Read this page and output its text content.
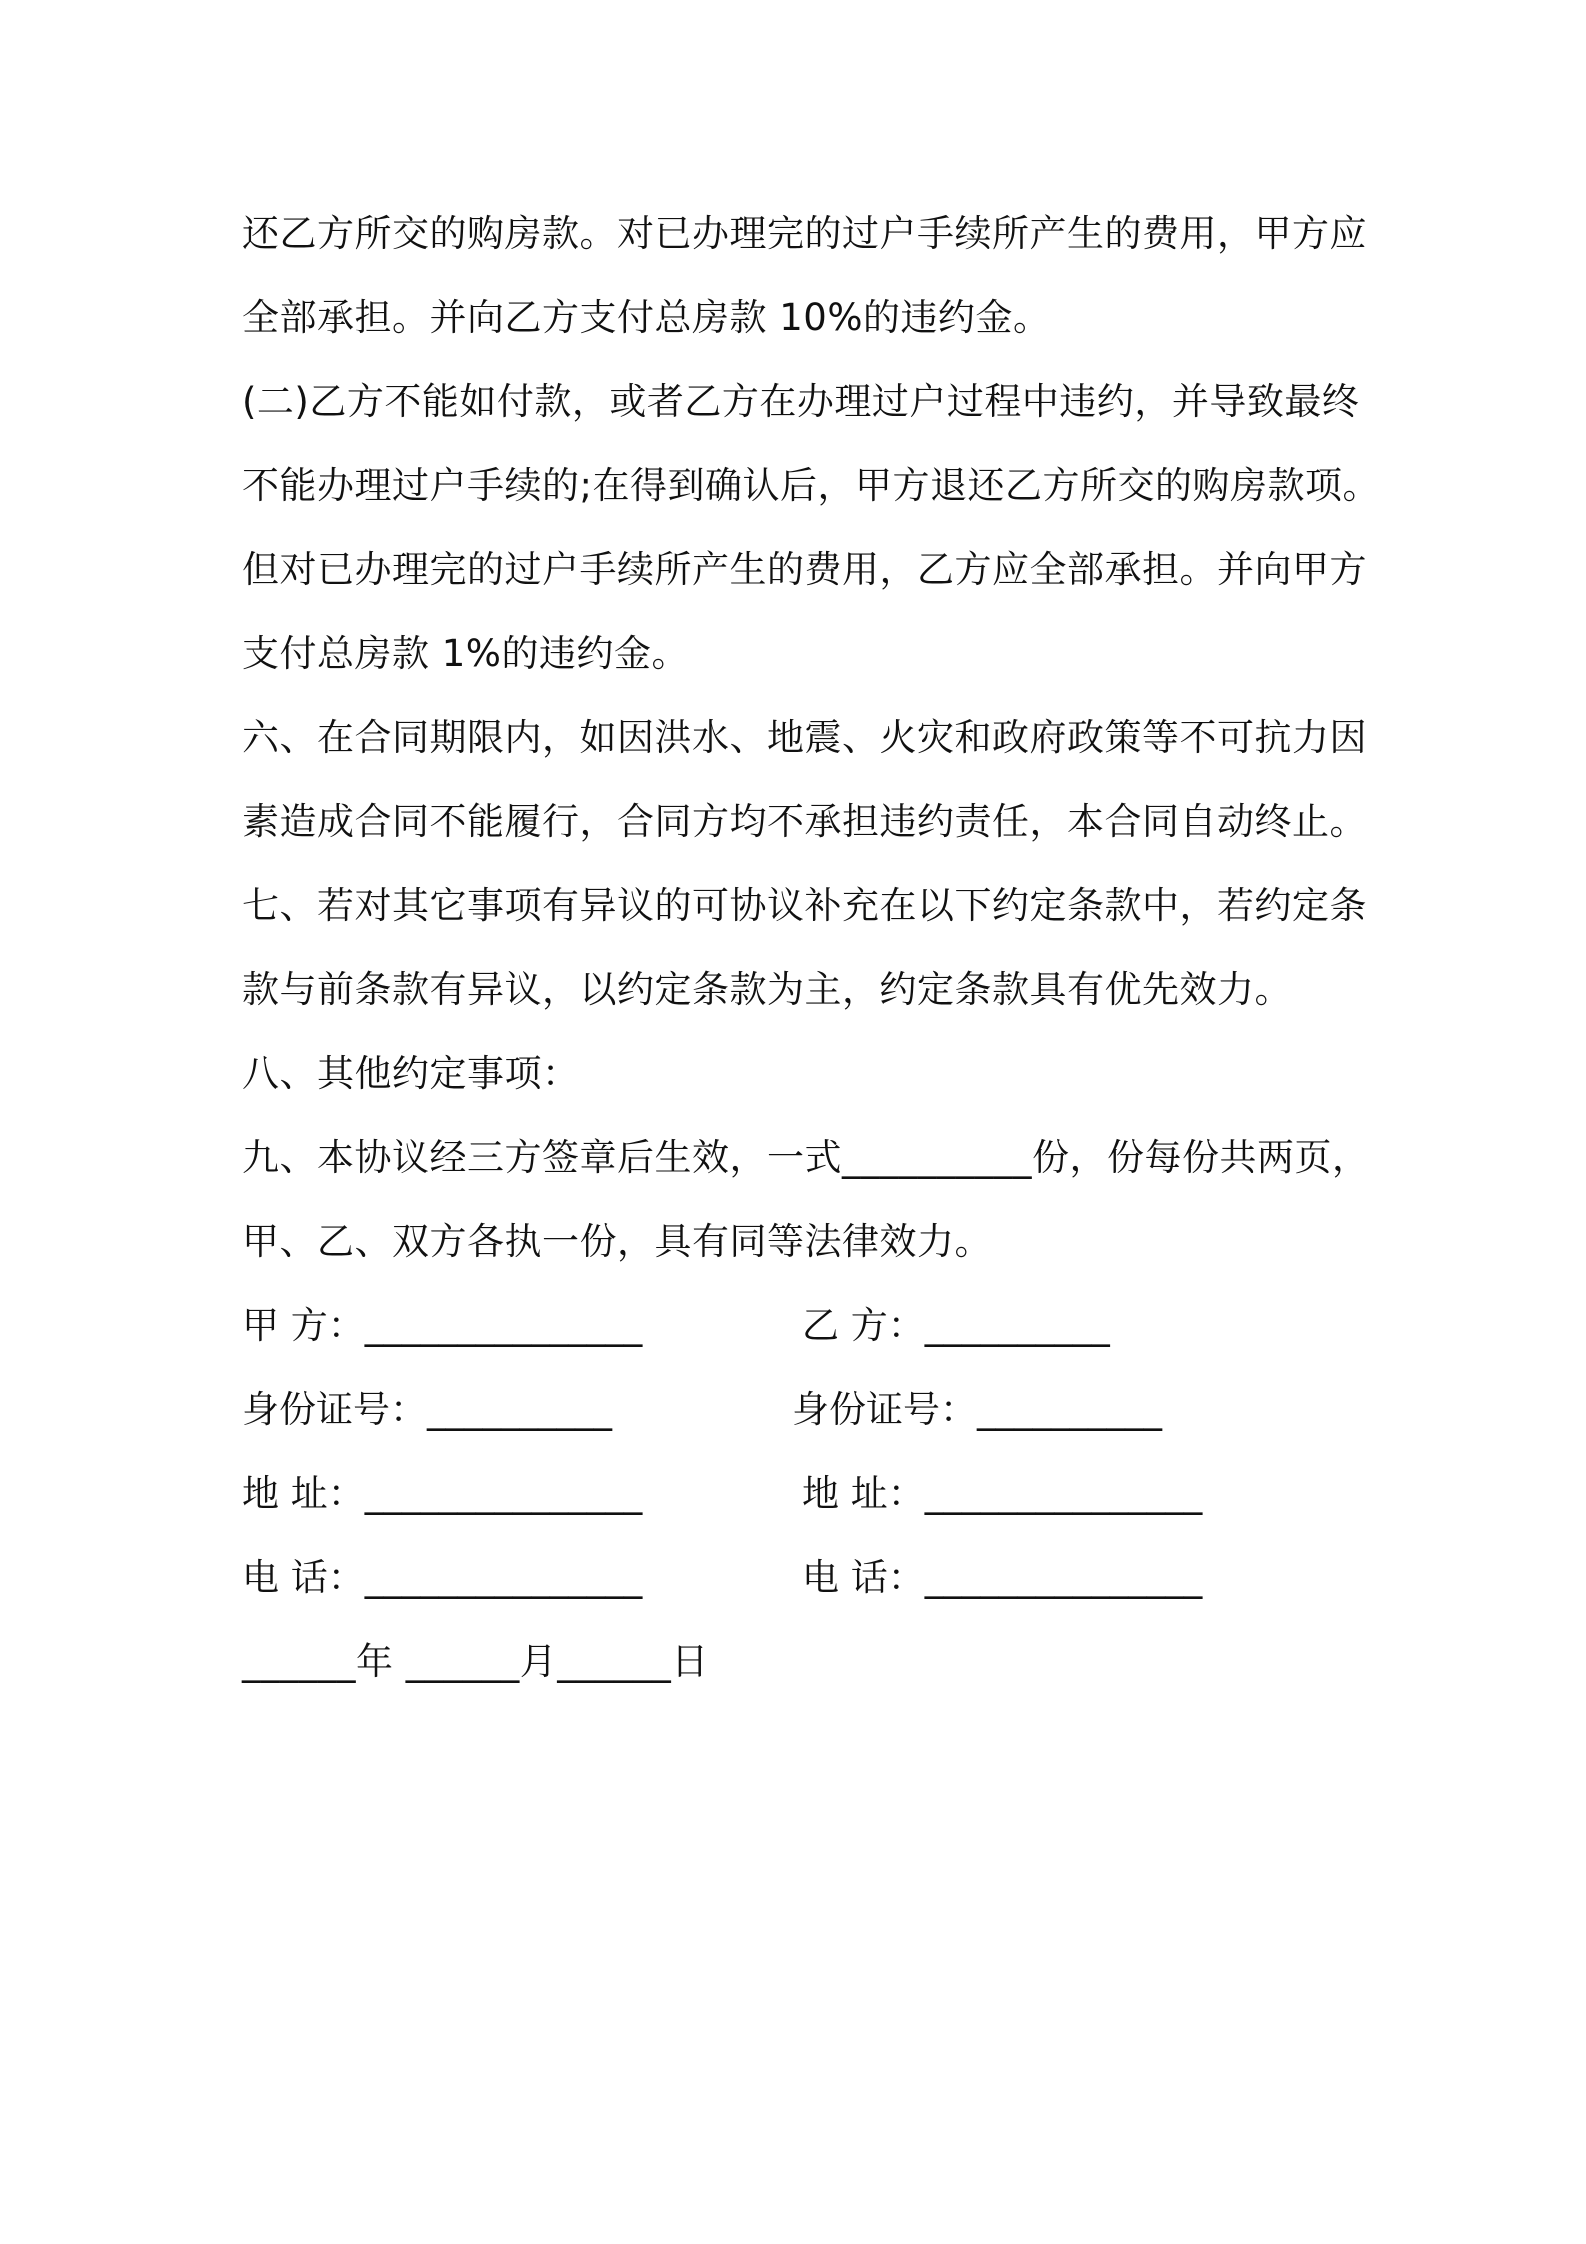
还乙方所交的购房款。对已办理完的过户手续所产生的费用，甲方应
全部承担。并向乙方支付总房款 10%的违约金。
(二)乙方不能如付款，或者乙方在办理过户过程中违约，并导致最终
不能办理过户手续的;在得到确认后，甲方退还乙方所交的购房款项。
但对已办理完的过户手续所产生的费用，乙方应全部承担。并向甲方
支付总房款 1%的违约金。
六、在合同期限内，如因洪水、地震、火灾和政府政策等不可抗力因
素造成合同不能履行，合同方均不承担违约责任，本合同自动终止。
七、若对其它事项有异议的可协议补充在以下约定条款中，若约定条
款与前条款有异议，以约定条款为主，约定条款具有优先效力。
八、其他约定事项：
九、本协议经三方签章后生效，一式__________份，份每份共两页，
甲、乙、双方各执一份，具有同等法律效力。
甲 方：_______________	乙 方：__________
身份证号：__________	身份证号：__________
地 址：_______________	地 址：_______________
电 话：_______________	电 话：_______________
______年 ______月______日
